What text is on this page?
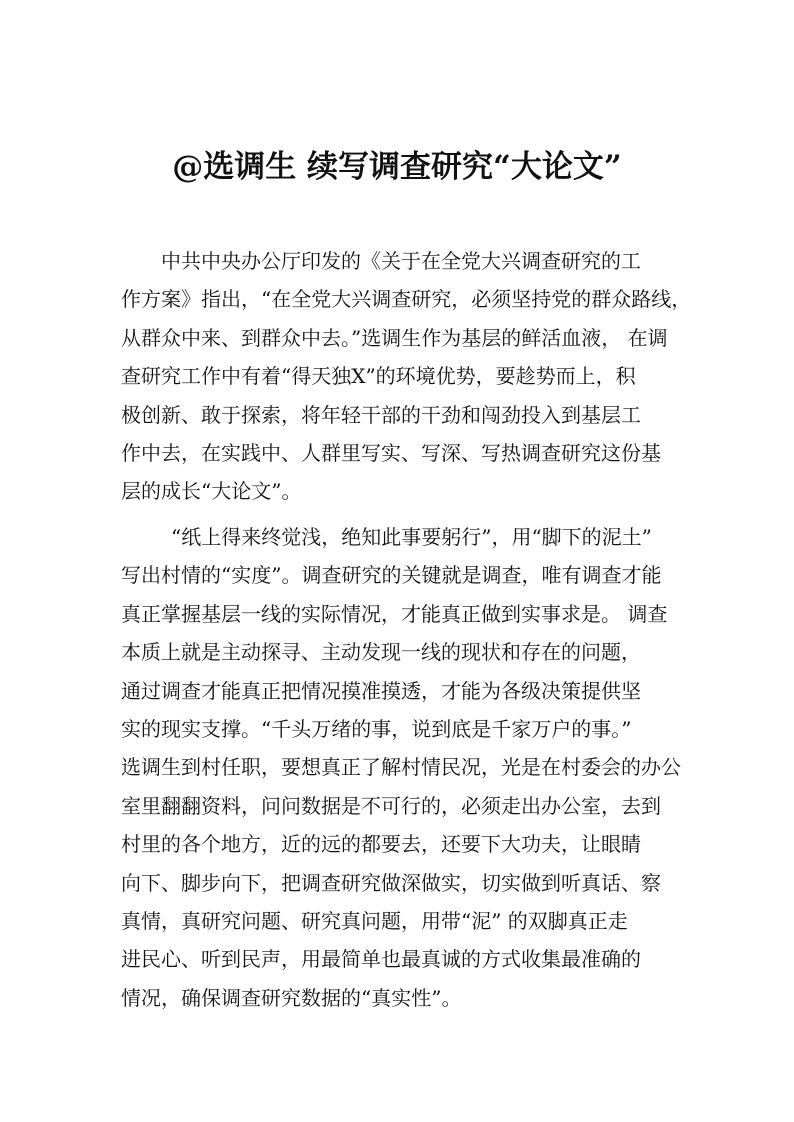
@选调生 续写调查研究“大论文”
中共中央办公厅印发的《关于在全党大兴调查研究的工
作方案》指出，“在全党大兴调查研究，必须坚持党的群众路线，
从群众中来、到群众中去。”选调生作为基层的鲜活血液， 在调
查研究工作中有着“得天独X”的环境优势，要趁势而上，积
极创新、敢于探索，将年轻干部的干劲和闯劲投入到基层工
作中去，在实践中、人群里写实、写深、写热调查研究这份基
层的成长“大论文”。
“纸上得来终觉浅，绝知此事要躬行”，用“脚下的泥土”
写出村情的“实度”。调查研究的关键就是调查，唯有调查才能
真正掌握基层一线的实际情况，才能真正做到实事求是。 调查
本质上就是主动探寻、主动发现一线的现状和存在的问题，
通过调查才能真正把情况摸准摸透，才能为各级决策提供坚
实的现实支撑。“千头万绪的事，说到底是千家万户的事。”
选调生到村任职，要想真正了解村情民况，光是在村委会的办公
室里翻翻资料，问问数据是不可行的，必须走出办公室，去到
村里的各个地方，近的远的都要去，还要下大功夫，让眼睛
向下、脚步向下，把调查研究做深做实，切实做到听真话、察
真情，真研究问题、研究真问题，用带“泥” 的双脚真正走
进民心、听到民声，用最简单也最真诚的方式收集最准确的
情况，确保调查研究数据的“真实性”。
